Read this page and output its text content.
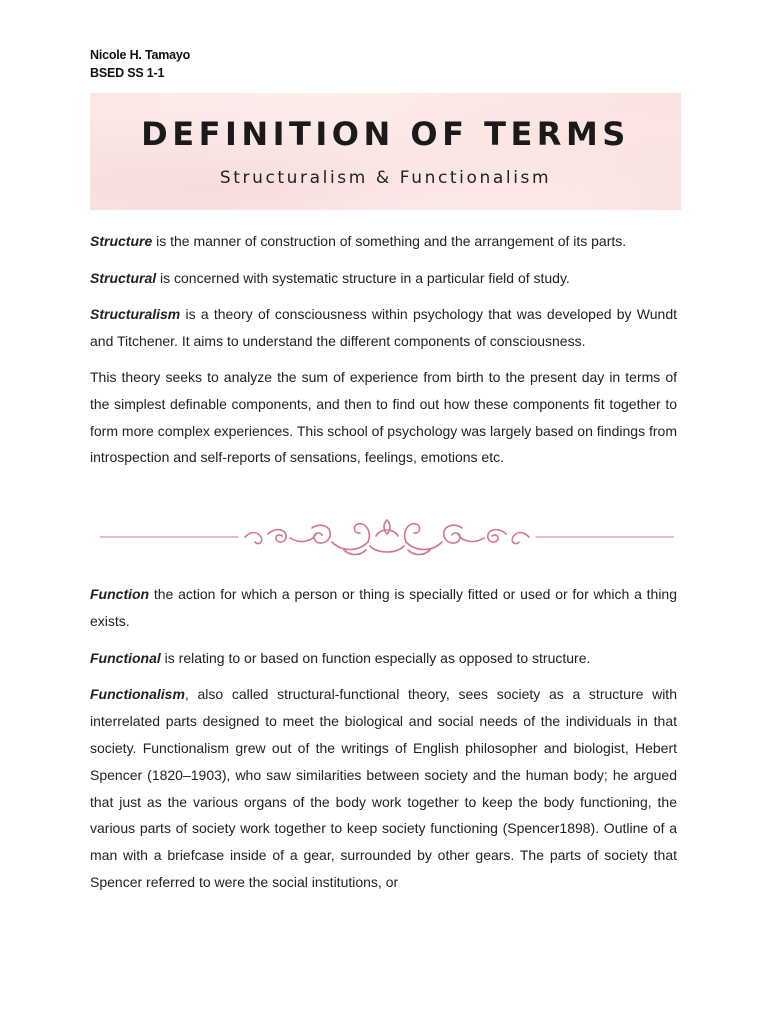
Nicole H. Tamayo
BSED SS 1-1
DEFINITION OF TERMS
Structuralism & Functionalism

Structure is the manner of construction of something and the arrangement of its parts.

Structural is concerned with systematic structure in a particular field of study.

Structuralism is a theory of consciousness within psychology that was developed by Wundt and Titchener. It aims to understand the different components of consciousness.

This theory seeks to analyze the sum of experience from birth to the present day in terms of the simplest definable components, and then to find out how these components fit together to form more complex experiences. This school of psychology was largely based on findings from introspection and self-reports of sensations, feelings, emotions etc.

Function the action for which a person or thing is specially fitted or used or for which a thing exists.

Functional is relating to or based on function especially as opposed to structure.

Functionalism, also called structural-functional theory, sees society as a structure with interrelated parts designed to meet the biological and social needs of the individuals in that society. Functionalism grew out of the writings of English philosopher and biologist, Hebert Spencer (1820–1903), who saw similarities between society and the human body; he argued that just as the various organs of the body work together to keep the body functioning, the various parts of society work together to keep society functioning (Spencer1898). Outline of a man with a briefcase inside of a gear, surrounded by other gears. The parts of society that Spencer referred to were the social institutions, or
